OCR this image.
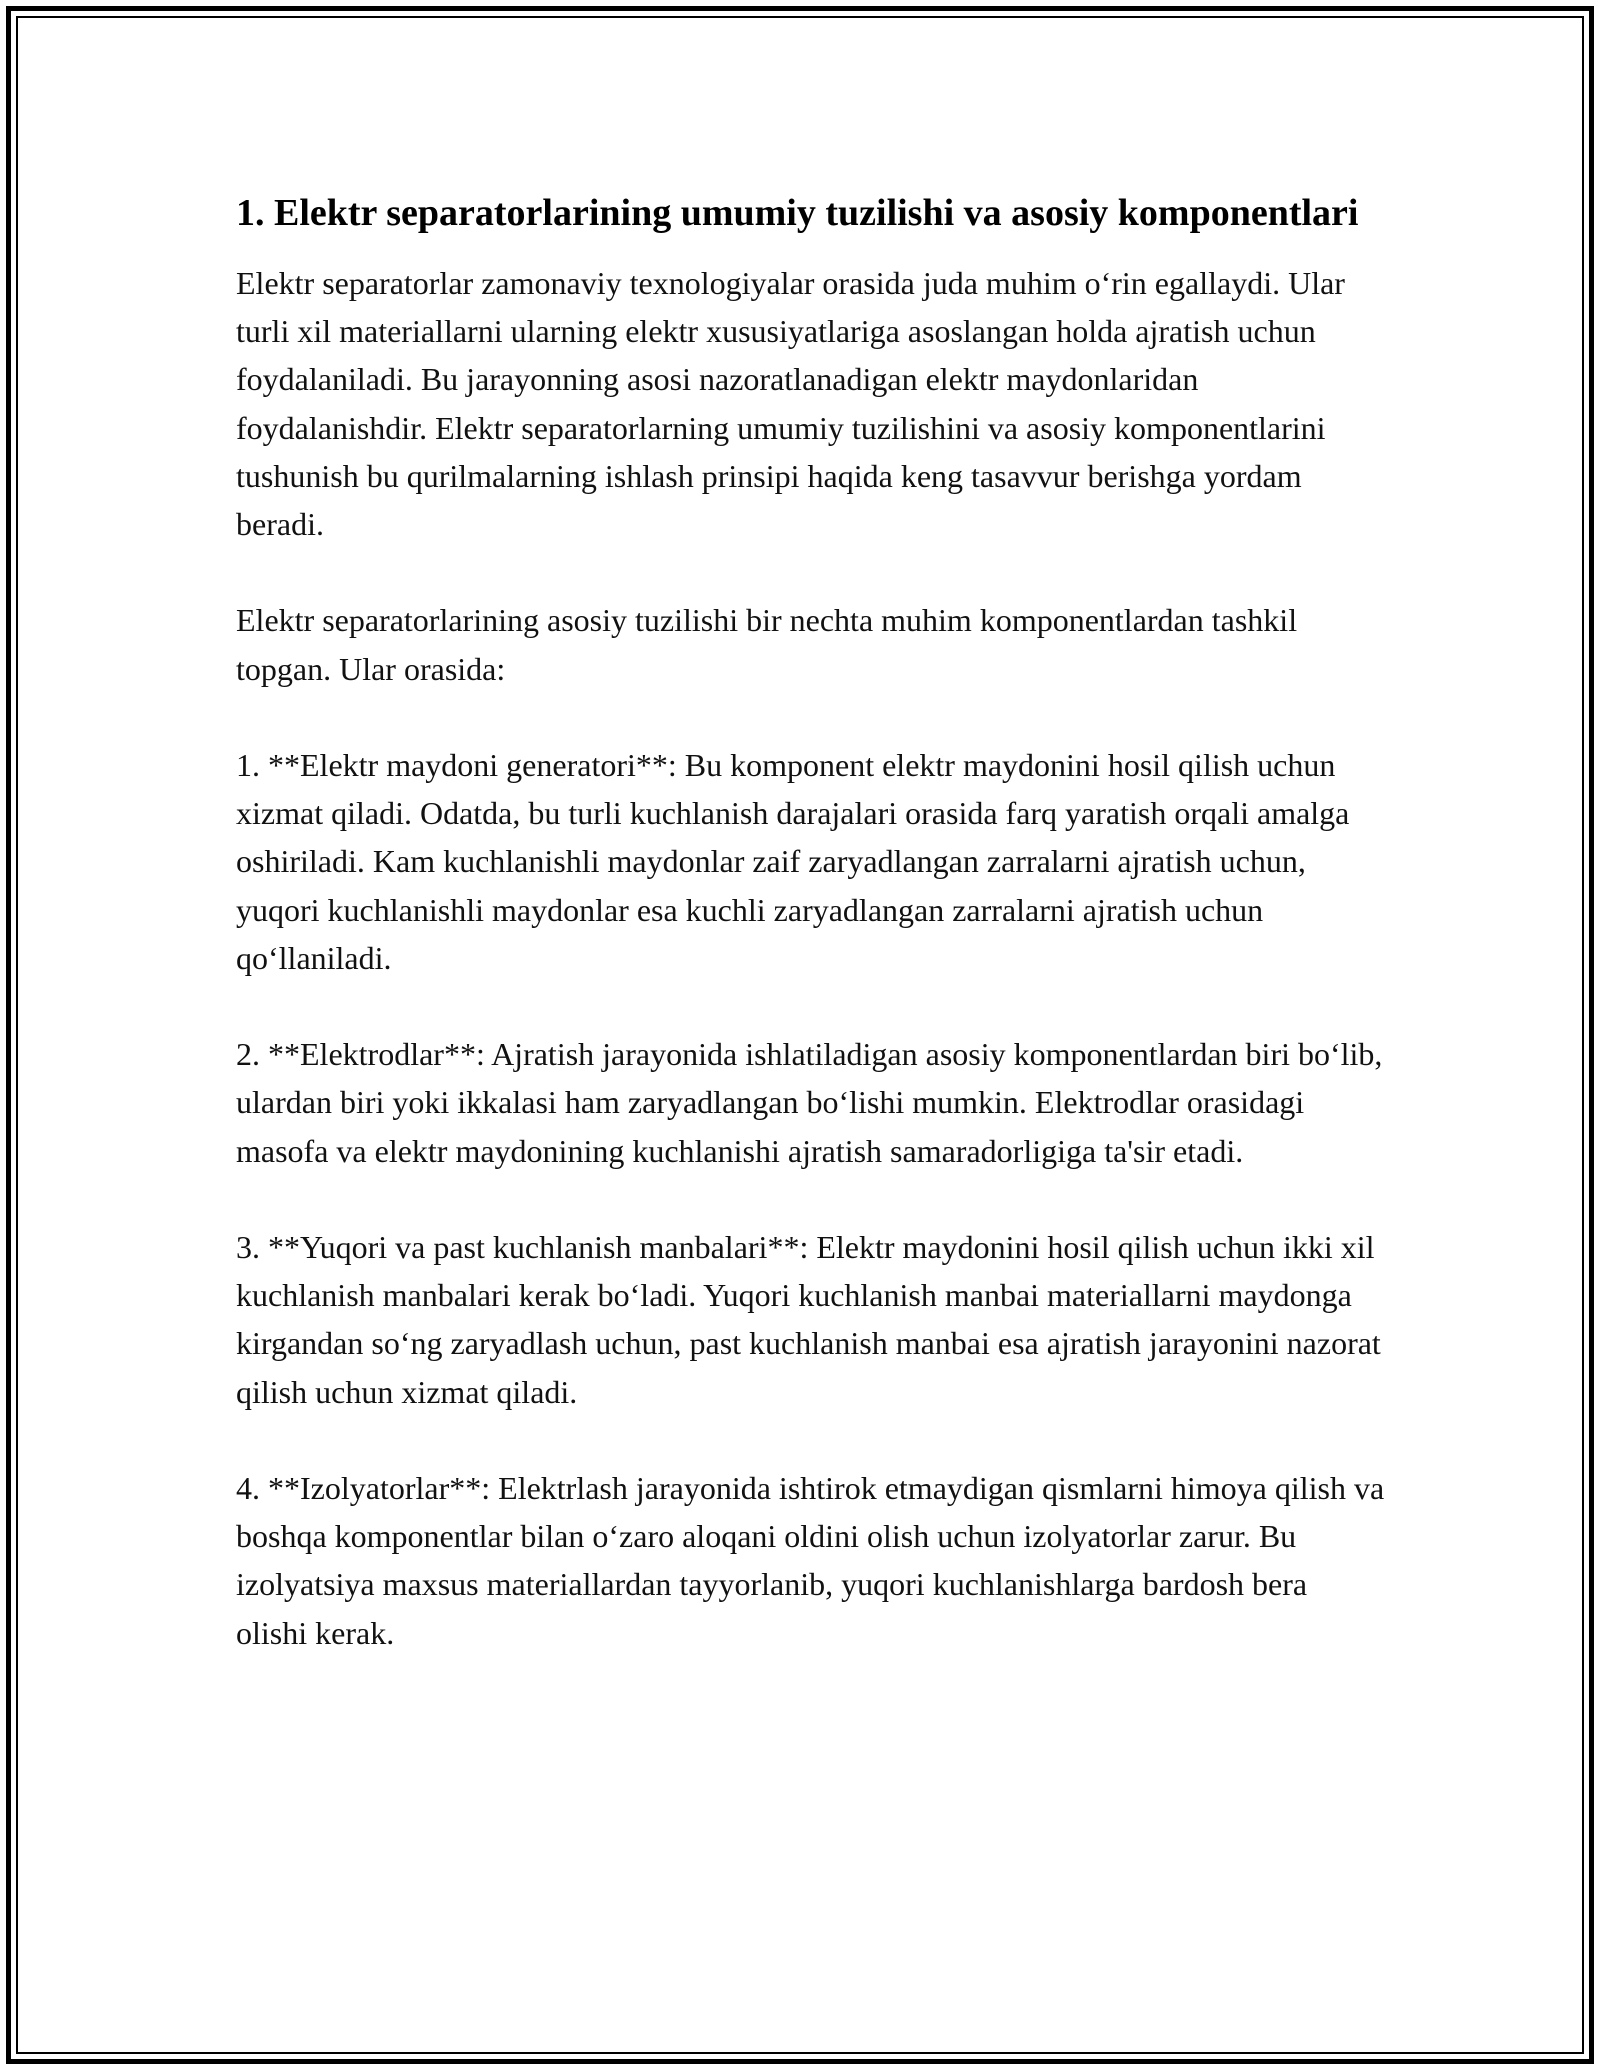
1. Elektr separatorlarining umumiy tuzilishi va asosiy komponentlari

Elektr separatorlar zamonaviy texnologiyalar orasida juda muhim o‘rin egallaydi. Ular turli xil materiallarni ularning elektr xususiyatlariga asoslangan holda ajratish uchun foydalaniladi. Bu jarayonning asosi nazoratlanadigan elektr maydonlaridan foydalanishdir. Elektr separatorlarning umumiy tuzilishini va asosiy komponentlarini tushunish bu qurilmalarning ishlash prinsipi haqida keng tasavvur berishga yordam beradi.

Elektr separatorlarining asosiy tuzilishi bir nechta muhim komponentlardan tashkil topgan. Ular orasida:

1. **Elektr maydoni generatori**: Bu komponent elektr maydonini hosil qilish uchun xizmat qiladi. Odatda, bu turli kuchlanish darajalari orasida farq yaratish orqali amalga oshiriladi. Kam kuchlanishli maydonlar zaif zaryadlangan zarralarni ajratish uchun, yuqori kuchlanishli maydonlar esa kuchli zaryadlangan zarralarni ajratish uchun qo‘llaniladi.

2. **Elektrodlar**: Ajratish jarayonida ishlatiladigan asosiy komponentlardan biri bo‘lib, ulardan biri yoki ikkalasi ham zaryadlangan bo‘lishi mumkin. Elektrodlar orasidagi masofa va elektr maydonining kuchlanishi ajratish samaradorligiga ta'sir etadi.

3. **Yuqori va past kuchlanish manbalari**: Elektr maydonini hosil qilish uchun ikki xil kuchlanish manbalari kerak bo‘ladi. Yuqori kuchlanish manbai materiallarni maydonga kirgandan so‘ng zaryadlash uchun, past kuchlanish manbai esa ajratish jarayonini nazorat qilish uchun xizmat qiladi.

4. **Izolyatorlar**: Elektrlash jarayonida ishtirok etmaydigan qismlarni himoya qilish va boshqa komponentlar bilan o‘zaro aloqani oldini olish uchun izolyatorlar zarur. Bu izolyatsiya maxsus materiallardan tayyorlanib, yuqori kuchlanishlarga bardosh bera olishi kerak.
